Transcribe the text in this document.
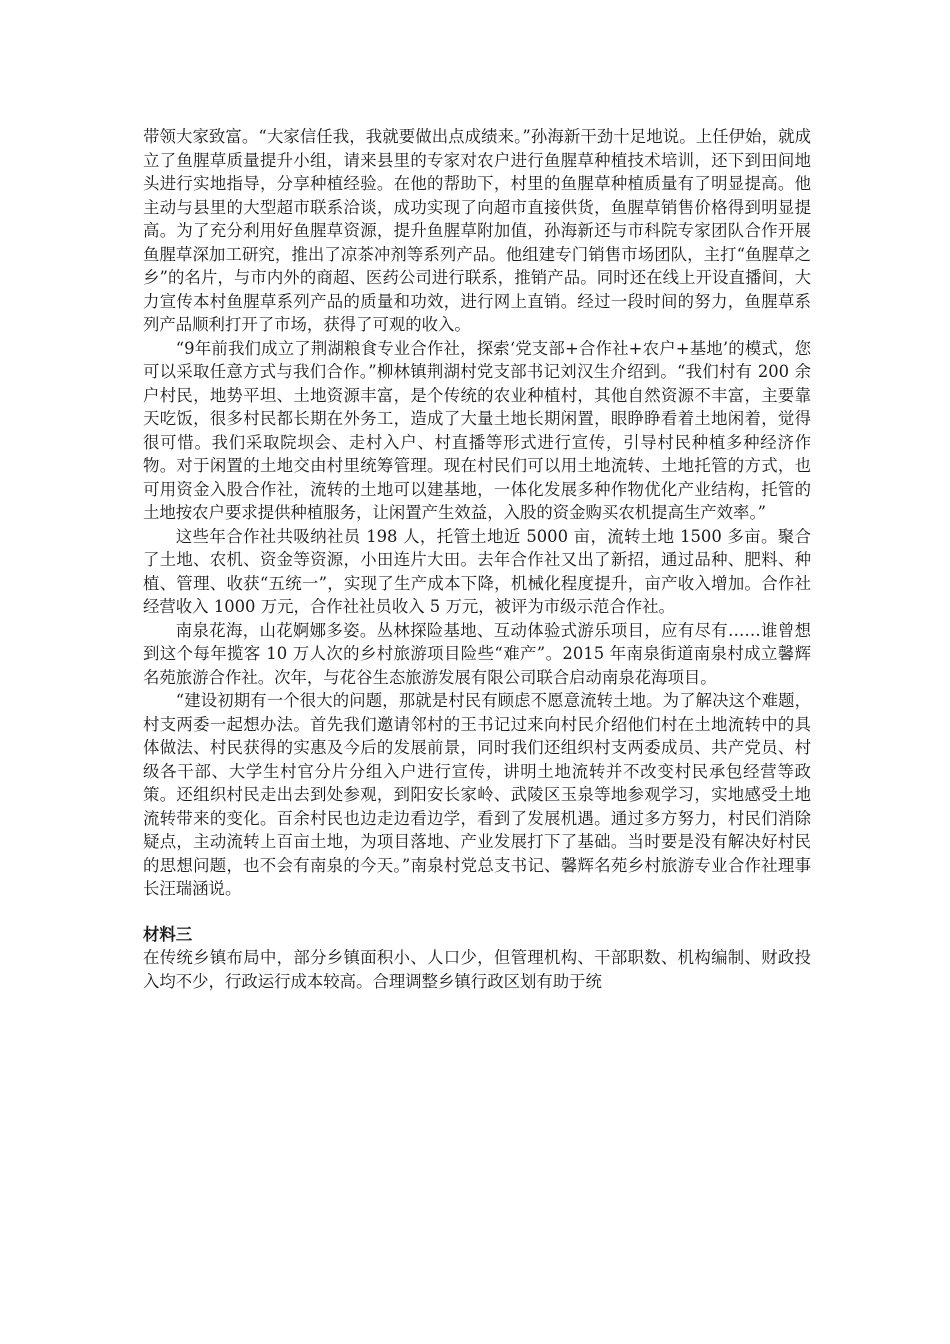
带领大家致富。“大家信任我，我就要做出点成绩来。”孙海新干劲十足地说。上任伊始，就成立了鱼腥草质量提升小组，请来县里的专家对农户进行鱼腥草种植技术培训，还下到田间地头进行实地指导，分享种植经验。在他的帮助下，村里的鱼腥草种植质量有了明显提高。他主动与县里的大型超市联系洽谈，成功实现了向超市直接供货，鱼腥草销售价格得到明显提高。为了充分利用好鱼腥草资源，提升鱼腥草附加值，孙海新还与市科院专家团队合作开展鱼腥草深加工研究，推出了凉茶冲剂等系列产品。他组建专门销售市场团队，主打“鱼腥草之乡”的名片，与市内外的商超、医药公司进行联系，推销产品。同时还在线上开设直播间，大力宣传本村鱼腥草系列产品的质量和功效，进行网上直销。经过一段时间的努力，鱼腥草系列产品顺利打开了市场，获得了可观的收入。

“9年前我们成立了荆湖粮食专业合作社，探索‘党支部+合作社+农户+基地’的模式，您可以采取任意方式与我们合作。”柳林镇荆湖村党支部书记刘汉生介绍到。“我们村有 200 余户村民，地势平坦、土地资源丰富，是个传统的农业种植村，其他自然资源不丰富，主要靠天吃饭，很多村民都长期在外务工，造成了大量土地长期闲置，眼睁睁看着土地闲着，觉得很可惜。我们采取院坝会、走村入户、村直播等形式进行宣传，引导村民种植多种经济作物。对于闲置的土地交由村里统筹管理。现在村民们可以用土地流转、土地托管的方式，也可用资金入股合作社，流转的土地可以建基地，一体化发展多种作物优化产业结构，托管的土地按农户要求提供种植服务，让闲置产生效益，入股的资金购买农机提高生产效率。”

这些年合作社共吸纳社员 198 人，托管土地近 5000 亩，流转土地 1500 多亩。聚合了土地、农机、资金等资源，小田连片大田。去年合作社又出了新招，通过品种、肥料、种植、管理、收获“五统一”，实现了生产成本下降，机械化程度提升，亩产收入增加。合作社经营收入 1000 万元，合作社社员收入 5 万元，被评为市级示范合作社。

南泉花海，山花婀娜多姿。丛林探险基地、互动体验式游乐项目，应有尽有……谁曾想到这个每年揽客 10 万人次的乡村旅游项目险些“难产”。2015 年南泉街道南泉村成立馨辉名苑旅游合作社。次年，与花谷生态旅游发展有限公司联合启动南泉花海项目。

“建设初期有一个很大的问题，那就是村民有顾虑不愿意流转土地。为了解决这个难题，村支两委一起想办法。首先我们邀请邻村的王书记过来向村民介绍他们村在土地流转中的具体做法、村民获得的实惠及今后的发展前景，同时我们还组织村支两委成员、共产党员、村级各干部、大学生村官分片分组入户进行宣传，讲明土地流转并不改变村民承包经营等政策。还组织村民走出去到处参观，到阳安长家岭、武陵区玉泉等地参观学习，实地感受土地流转带来的变化。百余村民也边走边看边学，看到了发展机遇。通过多方努力，村民们消除疑点，主动流转上百亩土地，为项目落地、产业发展打下了基础。当时要是没有解决好村民的思想问题，也不会有南泉的今天。”南泉村党总支书记、馨辉名苑乡村旅游专业合作社理事长汪瑞涵说。

材料三

在传统乡镇布局中，部分乡镇面积小、人口少，但管理机构、干部职数、机构编制、财政投入均不少，行政运行成本较高。合理调整乡镇行政区划有助于统
